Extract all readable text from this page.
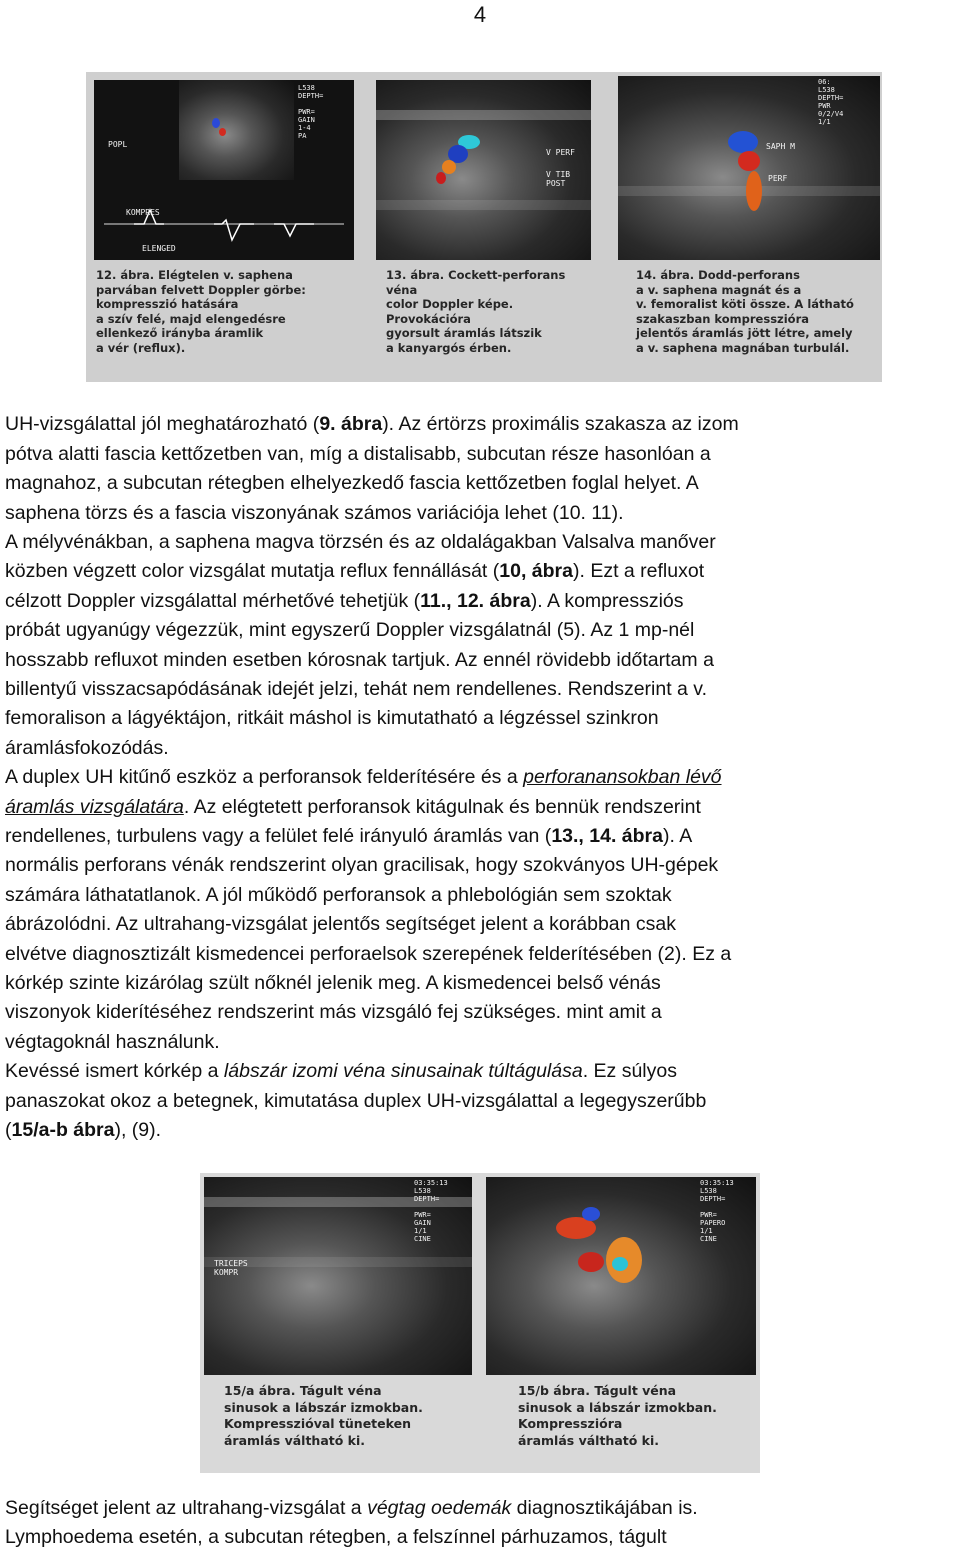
4
L538
DEPTH=

PWR=
GAIN
1-4
PA
POPL
KOMPRES
ELENGED
V PERF
V TIB
POST
06:
L538
DEPTH=
PWR
0/2/V4
1/1
SAPH M
PERF
12. ábra. Elégtelen v. saphena
parvában felvett Doppler görbe:
kompresszió hatására
a szív felé, majd elengedésre
ellenkező irányba áramlik
a vér (reflux).
13. ábra. Cockett-perforans
véna
color Doppler képe.
Provokációra
gyorsult áramlás látszik
a kanyargós érben.
14. ábra. Dodd-perforans
a v. saphena magnát és a
v. femoralist köti össze. A látható
szakaszban kompresszióra
jelentős áramlás jött létre, amely
a v. saphena magnában turbulál.
UH-vizsgálattal jól meghatározható (9. ábra). Az értörzs proximális szakasza az izom
pótva alatti fascia kettőzetben van, míg a distalisabb, subcutan része hasonlóan a
magnahoz, a subcutan rétegben elhelyezkedő fascia kettőzetben foglal helyet. A
saphena törzs és a fascia viszonyának számos variációja lehet (10. 11).
A mélyvénákban, a saphena magva törzsén és az oldalágakban Valsalva manőver
közben végzett color vizsgálat mutatja reflux fennállását (10, ábra). Ezt a refluxot
célzott Doppler vizsgálattal mérhetővé tehetjük (11., 12. ábra). A kompressziós
próbát ugyanúgy végezzük, mint egyszerű Doppler vizsgálatnál (5). Az 1 mp-nél
hosszabb refluxot minden esetben kórosnak tartjuk. Az ennél rövidebb időtartam a
billentyű visszacsapódásának idejét jelzi, tehát nem rendellenes. Rendszerint a v.
femoralison a lágyéktájon, ritkáit máshol is kimutatható a légzéssel szinkron
áramlásfokozódás.
A duplex UH kitűnő eszköz a perforansok felderítésére és a perforanansokban lévő
áramlás vizsgálatára. Az elégtetett perforansok kitágulnak és bennük rendszerint
rendellenes, turbulens vagy a felület felé irányuló áramlás van (13., 14. ábra). A
normális perforans vénák rendszerint olyan gracilisak, hogy szokványos UH-gépek
számára láthatatlanok. A jól működő perforansok a phlebológián sem szoktak
ábrázolódni. Az ultrahang-vizsgálat jelentős segítséget jelent a korábban csak
elvétve diagnosztizált kismedencei perforaelsok szerepének felderítésében (2). Ez a
kórkép szinte kizárólag szült nőknél jelenik meg. A kismedencei belső vénás
viszonyok kiderítéséhez rendszerint más vizsgáló fej szükséges. mint amit a
végtagoknál használunk.
Kevéssé ismert kórkép a lábszár izomi véna sinusainak túltágulása. Ez súlyos
panaszokat okoz a betegnek, kimutatása duplex UH-vizsgálattal a legegyszerűbb
(15/a-b ábra), (9).
03:35:13
L538
DEPTH=

PWR=
GAIN
1/1
CINE
TRICEPS
KOMPR
03:35:13
L538
DEPTH=

PWR=
PAPERO
1/1
CINE
15/a ábra. Tágult véna
sinusok a lábszár izmokban.
Kompresszióval tüneteken
áramlás váltható ki.
15/b ábra. Tágult véna
sinusok a lábszár izmokban.
Kompresszióra
áramlás váltható ki.
Segítséget jelent az ultrahang-vizsgálat a végtag oedemák diagnosztikájában is.
Lymphoedema esetén, a subcutan rétegben, a felszínnel párhuzamos, tágult
